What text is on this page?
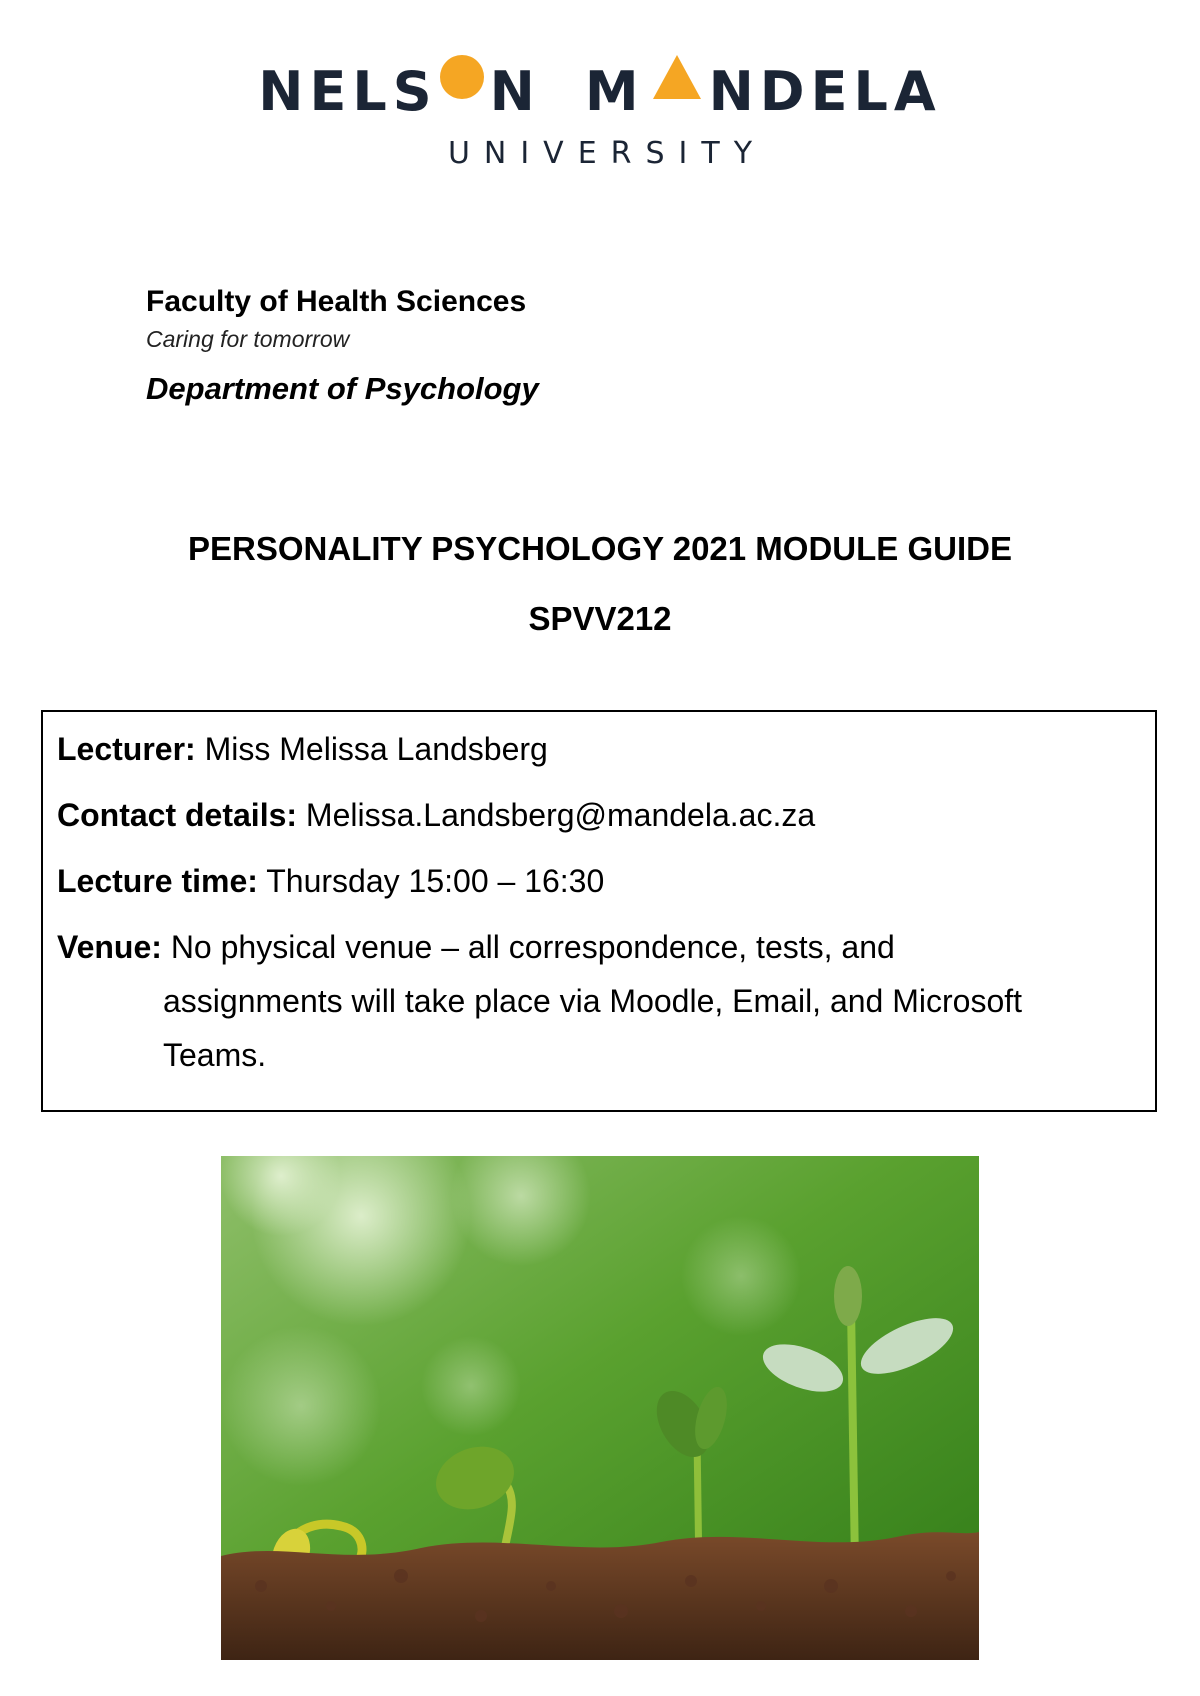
NELS N M NDELA
UNIVERSITY

Faculty of Health Sciences

Caring for tomorrow

Department of Psychology

PERSONALITY PSYCHOLOGY 2021 MODULE GUIDE
SPVV212
Lecturer: Miss Melissa Landsberg
Contact details: Melissa.Landsberg@mandela.ac.za
Lecture time: Thursday 15:00 – 16:30
Venue: No physical venue – all correspondence, tests, and
assignments will take place via Moodle, Email, and Microsoft
Teams.
